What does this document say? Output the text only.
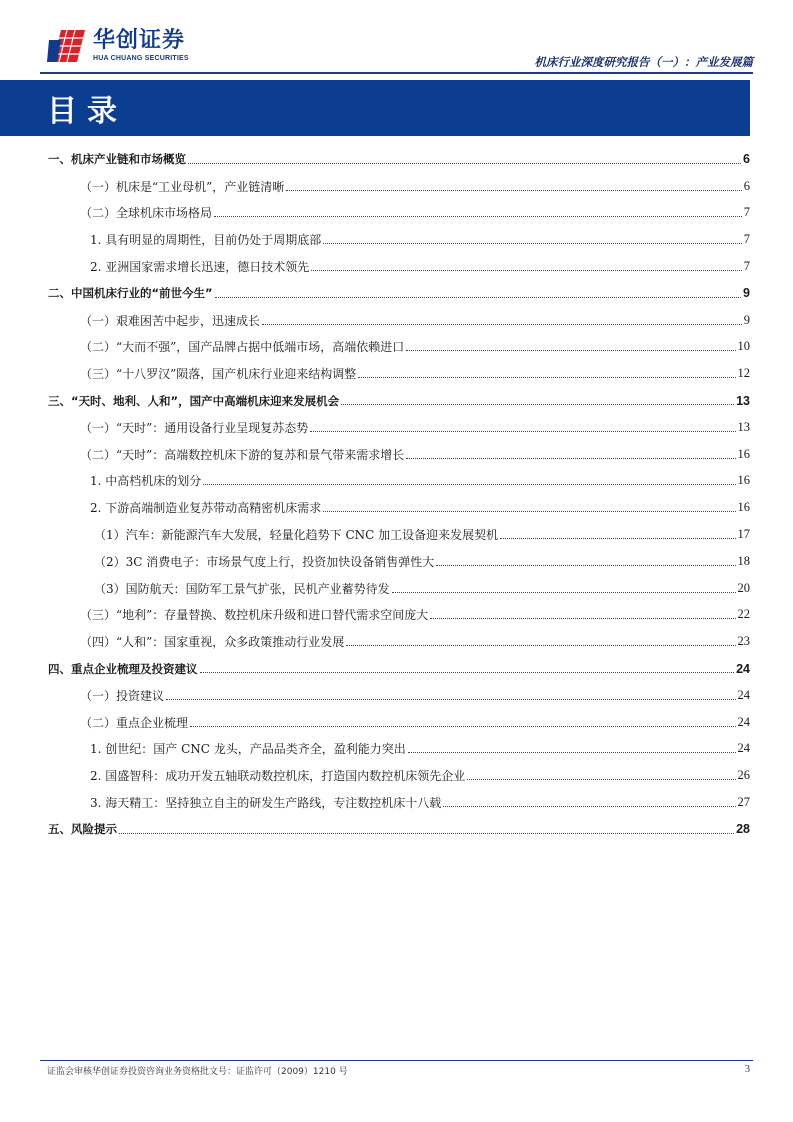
华创证券
HUA CHUANG SECURITIES	机床行业深度研究报告（一）：产业发展篇
目录
一、机床产业链和市场概览	6
（一）机床是“工业母机”，产业链清晰	6
（二）全球机床市场格局	7
1. 具有明显的周期性，目前仍处于周期底部	7
2. 亚洲国家需求增长迅速，德日技术领先	7
二、中国机床行业的“前世今生”	9
（一）艰难困苦中起步，迅速成长	9
（二）“大而不强”，国产品牌占据中低端市场，高端依赖进口	10
（三）“十八罗汉”陨落，国产机床行业迎来结构调整	12
三、“天时、地利、人和”，国产中高端机床迎来发展机会	13
（一）“天时”：通用设备行业呈现复苏态势	13
（二）“天时”：高端数控机床下游的复苏和景气带来需求增长	16
1. 中高档机床的划分	16
2. 下游高端制造业复苏带动高精密机床需求	16
（1）汽车：新能源汽车大发展，轻量化趋势下 CNC 加工设备迎来发展契机	17
（2）3C 消费电子：市场景气度上行，投资加快设备销售弹性大	18
（3）国防航天：国防军工景气扩张，民机产业蓄势待发	20
（三）“地利”：存量替换、数控机床升级和进口替代需求空间庞大	22
（四）“人和”：国家重视，众多政策推动行业发展	23
四、重点企业梳理及投资建议	24
（一）投资建议	24
（二）重点企业梳理	24
1. 创世纪：国产 CNC 龙头，产品品类齐全，盈利能力突出	24
2. 国盛智科：成功开发五轴联动数控机床，打造国内数控机床领先企业	26
3. 海天精工：坚持独立自主的研发生产路线，专注数控机床十八载	27
五、风险提示	28
证监会审核华创证券投资咨询业务资格批文号：证监许可（2009）1210 号	3
